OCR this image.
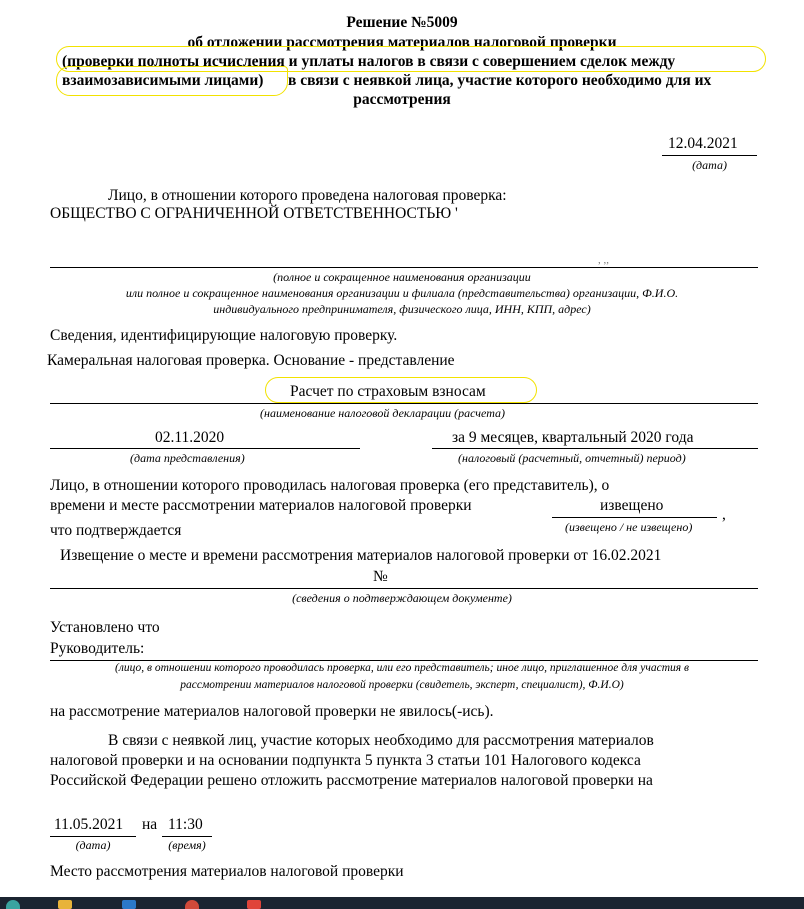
Решение №5009
об отложении рассмотрения материалов налоговой проверки
(проверки полноты исчисления и уплаты налогов в связи с совершением сделок между
взаимозависимыми лицами) в связи с неявкой лица, участие которого необходимо для их
рассмотрения
12.04.2021
(дата)
Лицо, в отношении которого проведена налоговая проверка:
ОБЩЕСТВО С ОГРАНИЧЕННОЙ ОТВЕТСТВЕННОСТЬЮ '
, ,,
(полное и сокращенное наименования организации
или полное и сокращенное наименования организации и филиала (представительства) организации, Ф.И.О.
индивидуального предпринимателя, физического лица, ИНН, КПП, адрес)
Сведения, идентифицирующие налоговую проверку.
Камеральная налоговая проверка. Основание - представление
Расчет по страховым взносам
(наименование налоговой декларации (расчета)
02.11.2020
(дата представления)
за 9 месяцев, квартальный 2020 года
(налоговый (расчетный, отчетный) период)
Лицо, в отношении которого проводилась налоговая проверка (его представитель), о
времени и месте рассмотрении материалов налоговой проверки	извещено
,
(извещено / не извещено)
что подтверждается
Извещение о месте и времени рассмотрения материалов налоговой проверки от 16.02.2021
№
(сведения о подтверждающем документе)
Установлено что
Руководитель:
(лицо, в отношении которого проводилась проверка, или его представитель; иное лицо, приглашенное для участия в
рассмотрении материалов налоговой проверки (свидетель, эксперт, специалист), Ф.И.О)
на рассмотрение материалов налоговой проверки не явилось(-ись).
В связи с неявкой лиц, участие которых необходимо для рассмотрения материалов
налоговой проверки и на основании подпункта 5 пункта 3 статьи 101 Налогового кодекса
Российской Федерации решено отложить рассмотрение материалов налоговой проверки на
11.05.2021
(дата)
на 11:30
(время)
Место рассмотрения материалов налоговой проверки
